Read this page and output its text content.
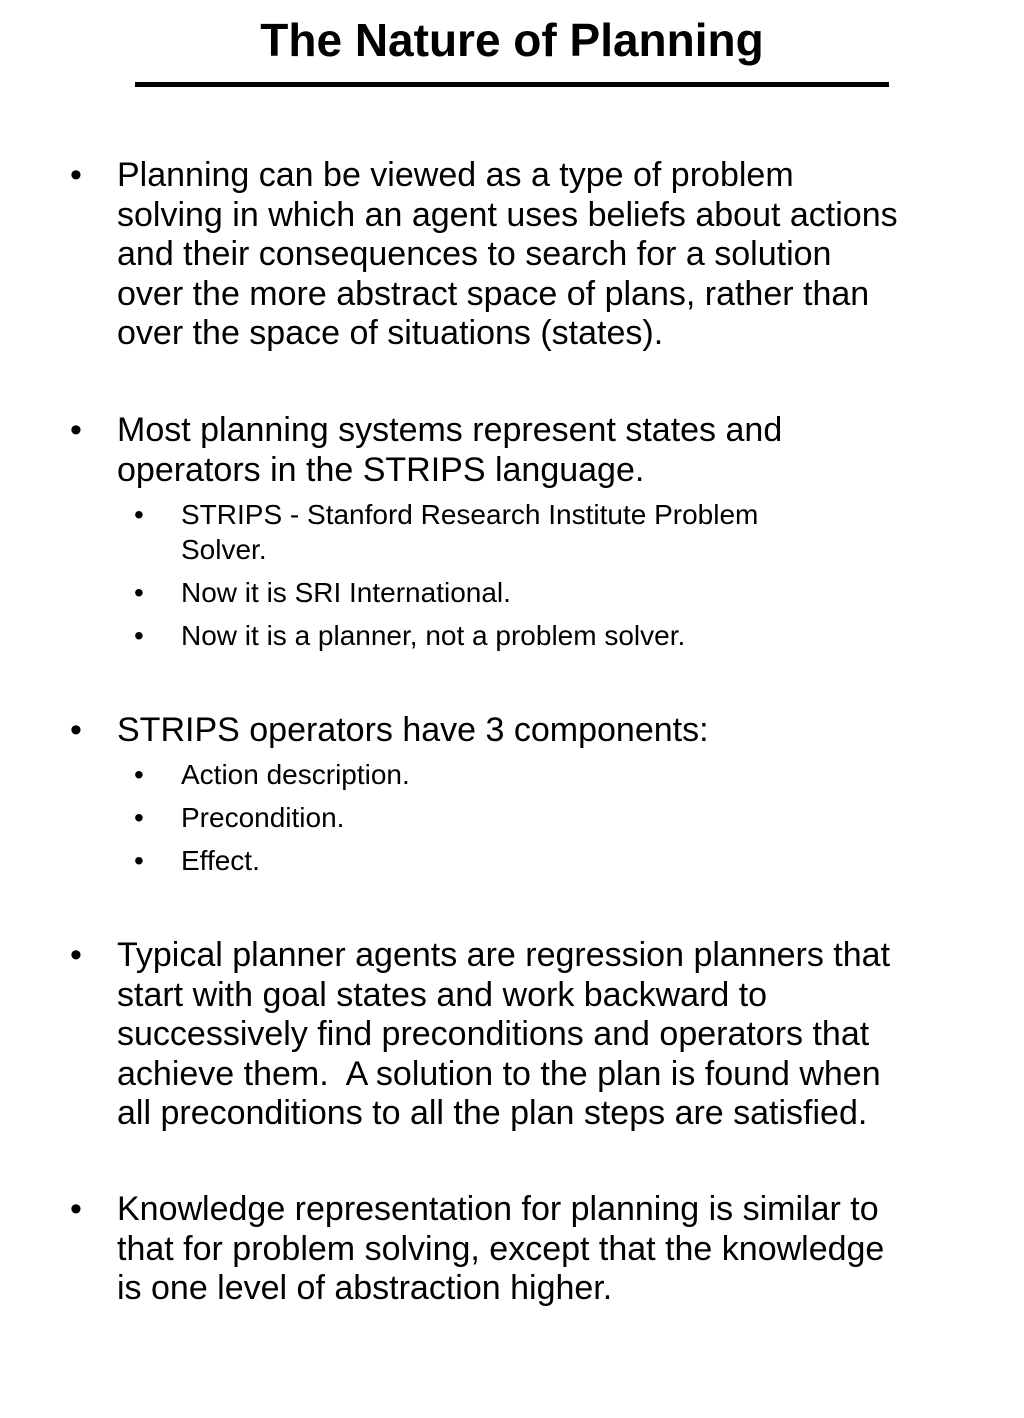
The Nature of Planning
• Planning can be viewed as a type of problem
solving in which an agent uses beliefs about actions
and their consequences to search for a solution
over the more abstract space of plans, rather than
over the space of situations (states).
• Most planning systems represent states and
operators in the STRIPS language.
• STRIPS - Stanford Research Institute Problem
Solver.
• Now it is SRI International.
• Now it is a planner, not a problem solver.
• STRIPS operators have 3 components:
• Action description.
• Precondition.
• Effect.
• Typical planner agents are regression planners that
start with goal states and work backward to
successively find preconditions and operators that
achieve them.  A solution to the plan is found when
all preconditions to all the plan steps are satisfied.
• Knowledge representation for planning is similar to
that for problem solving, except that the knowledge
is one level of abstraction higher.
